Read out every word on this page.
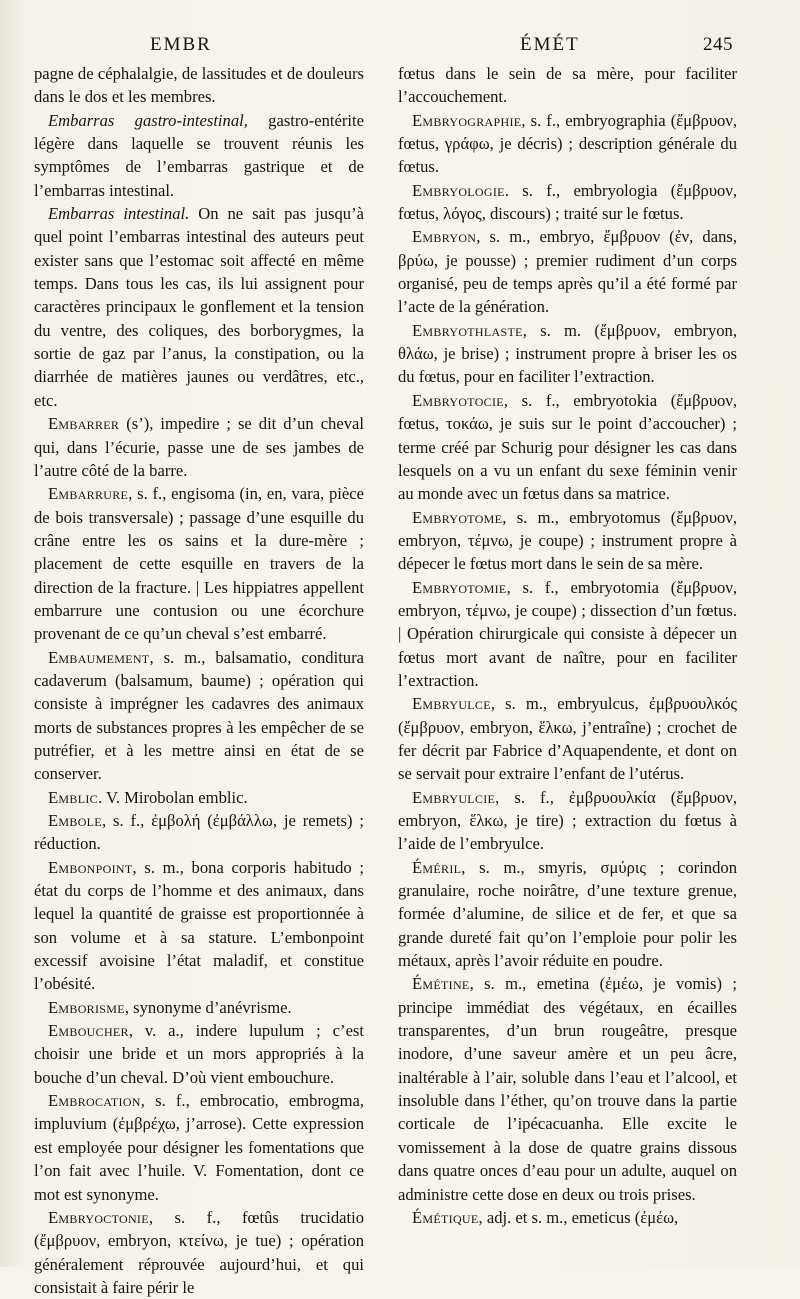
EMBR	ÉMÉT	245

pagne de céphalalgie, de lassitudes et de douleurs dans le dos et les membres.

Embarras gastro-intestinal, gastro-entérite légère dans laquelle se trouvent réunis les symptômes de l’embarras gastrique et de l’embarras intestinal.

Embarras intestinal. On ne sait pas jusqu’à quel point l’embarras intestinal des auteurs peut exister sans que l’estomac soit affecté en même temps. Dans tous les cas, ils lui assignent pour caractères principaux le gonflement et la tension du ventre, des coliques, des borborygmes, la sortie de gaz par l’anus, la constipation, ou la diarrhée de matières jaunes ou verdâtres, etc., etc.

Embarrer (s’), impedire ; se dit d’un cheval qui, dans l’écurie, passe une de ses jambes de l’autre côté de la barre.

Embarrure, s. f., engisoma (in, en, vara, pièce de bois transversale) ; passage d’une esquille du crâne entre les os sains et la dure-mère ; placement de cette esquille en travers de la direction de la fracture. | Les hippiatres appellent embarrure une contusion ou une écorchure provenant de ce qu’un cheval s’est embarré.

Embaumement, s. m., balsamatio, conditura cadaverum (balsamum, baume) ; opération qui consiste à imprégner les cadavres des animaux morts de substances propres à les empêcher de se putréfier, et à les mettre ainsi en état de se conserver.

Emblic. V. Mirobolan emblic.

Embole, s. f., ἐμβολή (ἐμβάλλω, je remets) ; réduction.

Embonpoint, s. m., bona corporis habitudo ; état du corps de l’homme et des animaux, dans lequel la quantité de graisse est proportionnée à son volume et à sa stature. L’embonpoint excessif avoisine l’état maladif, et constitue l’obésité.

Emborisme, synonyme d’anévrisme.

Emboucher, v. a., indere lupulum ; c’est choisir une bride et un mors appropriés à la bouche d’un cheval. D’où vient embouchure.

Embrocation, s. f., embrocatio, embrogma, impluvium (ἐμβρέχω, j’arrose). Cette expression est employée pour désigner les fomentations que l’on fait avec l’huile. V. Fomentation, dont ce mot est synonyme.

Embryoctonie, s. f., fœtûs trucidatio (ἔμβρυον, embryon, κτείνω, je tue) ; opération généralement réprouvée aujourd’hui, et qui consistait à faire périr le

fœtus dans le sein de sa mère, pour faciliter l’accouchement.

Embryographie, s. f., embryographia (ἔμβρυον, fœtus, γράφω, je décris) ; description générale du fœtus.

Embryologie. s. f., embryologia (ἔμβρυον, fœtus, λόγος, discours) ; traité sur le fœtus.

Embryon, s. m., embryo, ἔμβρυον (ἐν, dans, βρύω, je pousse) ; premier rudiment d’un corps organisé, peu de temps après qu’il a été formé par l’acte de la génération.

Embryothlaste, s. m. (ἔμβρυον, embryon, θλάω, je brise) ; instrument propre à briser les os du fœtus, pour en faciliter l’extraction.

Embryotocie, s. f., embryotokia (ἔμβρυον, fœtus, τοκάω, je suis sur le point d’accoucher) ; terme créé par Schurig pour désigner les cas dans lesquels on a vu un enfant du sexe féminin venir au monde avec un fœtus dans sa matrice.

Embryotome, s. m., embryotomus (ἔμβρυον, embryon, τέμνω, je coupe) ; instrument propre à dépecer le fœtus mort dans le sein de sa mère.

Embryotomie, s. f., embryotomia (ἔμβρυον, embryon, τέμνω, je coupe) ; dissection d’un fœtus. | Opération chirurgicale qui consiste à dépecer un fœtus mort avant de naître, pour en faciliter l’extraction.

Embryulce, s. m., embryulcus, ἐμβρυουλκός (ἔμβρυον, embryon, ἕλκω, j’entraîne) ; crochet de fer décrit par Fabrice d’Aquapendente, et dont on se servait pour extraire l’enfant de l’utérus.

Embryulcie, s. f., ἐμβρυουλκία (ἔμβρυον, embryon, ἕλκω, je tire) ; extraction du fœtus à l’aide de l’embryulce.

Éméril, s. m., smyris, σμύρις ; corindon granulaire, roche noirâtre, d’une texture grenue, formée d’alumine, de silice et de fer, et que sa grande dureté fait qu’on l’emploie pour polir les métaux, après l’avoir réduite en poudre.

Émétine, s. m., emetina (ἐμέω, je vomis) ; principe immédiat des végétaux, en écailles transparentes, d’un brun rougeâtre, presque inodore, d’une saveur amère et un peu âcre, inaltérable à l’air, soluble dans l’eau et l’alcool, et insoluble dans l’éther, qu’on trouve dans la partie corticale de l’ipécacuanha. Elle excite le vomissement à la dose de quatre grains dissous dans quatre onces d’eau pour un adulte, auquel on administre cette dose en deux ou trois prises.

Émétique, adj. et s. m., emeticus (ἐμέω,
